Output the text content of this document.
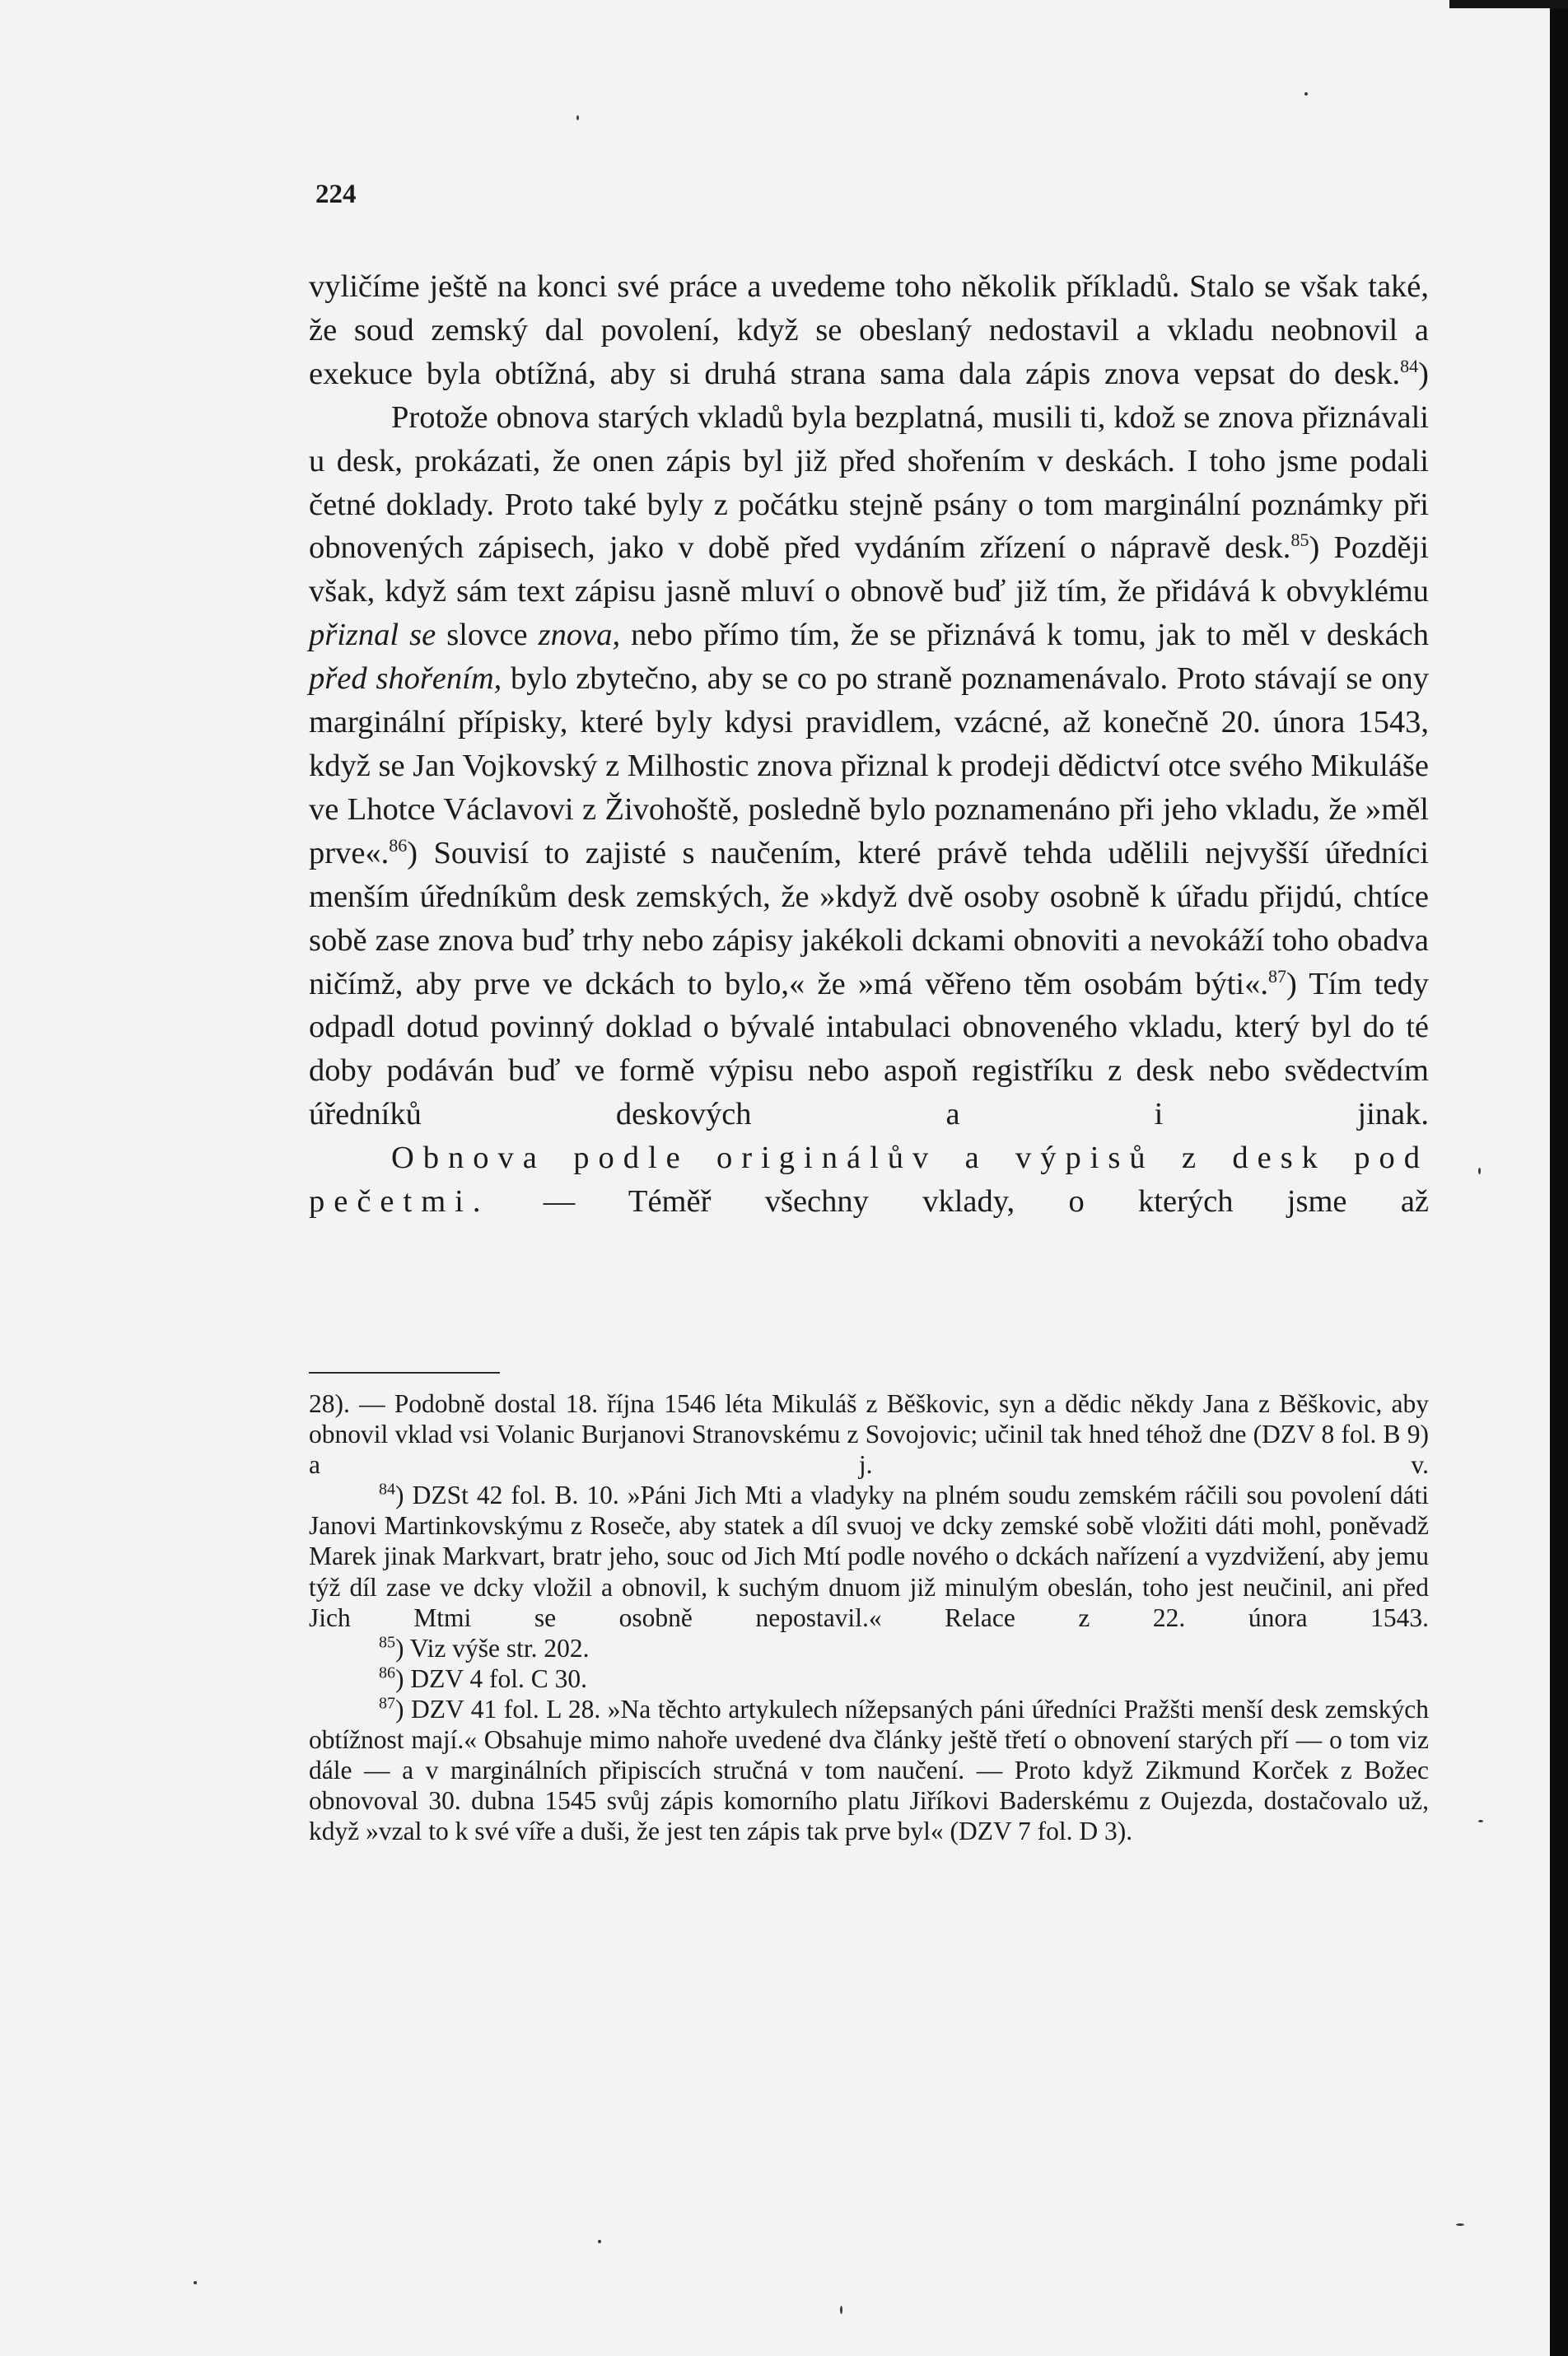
224

vyličíme ještě na konci své práce a uvedeme toho několik příkladů. Stalo se však také, že soud zemský dal povolení, když se obeslaný nedostavil a vkladu neobnovil a exekuce byla obtížná, aby si druhá strana sama dala zápis znova vepsat do desk.$^{84}$)

Protože obnova starých vkladů byla bezplatná, musili ti, kdož se znova přiznávali u desk, prokázati, že onen zápis byl již před shořením v deskách. I toho jsme podali četné doklady. Proto také byly z počátku stejně psány o tom marginální poznámky při obnovených zápisech, jako v době před vydáním zřízení o nápravě desk.$^{85}$) Později však, když sám text zápisu jasně mluví o obnově buď již tím, že přidává k obvyklému přiznal se slovce znova, nebo přímo tím, že se přiznává k tomu, jak to měl v deskách před shořením, bylo zbytečno, aby se co po straně poznamenávalo. Proto stávají se ony marginální přípisky, které byly kdysi pravidlem, vzácné, až konečně 20. února 1543, když se Jan Vojkovský z Milhostic znova přiznal k prodeji dědictví otce svého Mikuláše ve Lhotce Václavovi z Živohoště, posledně bylo poznamenáno při jeho vkladu, že »měl prve«.$^{86}$) Souvisí to zajisté s naučením, které právě tehda udělili nejvyšší úředníci menším úředníkům desk zemských, že »když dvě osoby osobně k úřadu přijdú, chtíce sobě zase znova buď trhy nebo zápisy jakékoli dckami obnoviti a nevokáží toho obadva ničímž, aby prve ve dckách to bylo,« že »má věřeno těm osobám býti«.$^{87}$) Tím tedy odpadl dotud povinný doklad o bývalé intabulaci obnoveného vkladu, který byl do té doby podáván buď ve formě výpisu nebo aspoň registříku z desk nebo svědectvím úředníků deskových a i jinak.

Obnova podle originálův a výpisů z desk pod pečetmi. — Téměř všechny vklady, o kterých jsme až

28). — Podobně dostal 18. října 1546 léta Mikuláš z Běškovic, syn a dědic někdy Jana z Běškovic, aby obnovil vklad vsi Volanic Burjanovi Stranovskému z Sovojovic; učinil tak hned téhož dne (DZV 8 fol. B 9) a j. v.

$^{84}$) DZSt 42 fol. B. 10. »Páni Jich Mti a vladyky na plném soudu zemském ráčili sou povolení dáti Janovi Martinkovskýmu z Roseče, aby statek a díl svuoj ve dcky zemské sobě vložiti dáti mohl, poněvadž Marek jinak Markvart, bratr jeho, souc od Jich Mtí podle nového o dckách nařízení a vyzdvižení, aby jemu týž díl zase ve dcky vložil a obnovil, k suchým dnuom již minulým obeslán, toho jest neučinil, ani před Jich Mtmi se osobně nepostavil.« Relace z 22. února 1543.

$^{85}$) Viz výše str. 202.

$^{86}$) DZV 4 fol. C 30.

$^{87}$) DZV 41 fol. L 28. »Na těchto artykulech nížepsaných páni úředníci Pražšti menší desk zemských obtížnost mají.« Obsahuje mimo nahoře uvedené dva články ještě třetí o obnovení starých pří — o tom viz dále — a v marginálních připiscích stručná v tom naučení. — Proto když Zikmund Korček z Božec obnovoval 30. dubna 1545 svůj zápis komorního platu Jiříkovi Baderskému z Oujezda, dostačovalo už, když »vzal to k své víře a duši, že jest ten zápis tak prve byl« (DZV 7 fol. D 3).
